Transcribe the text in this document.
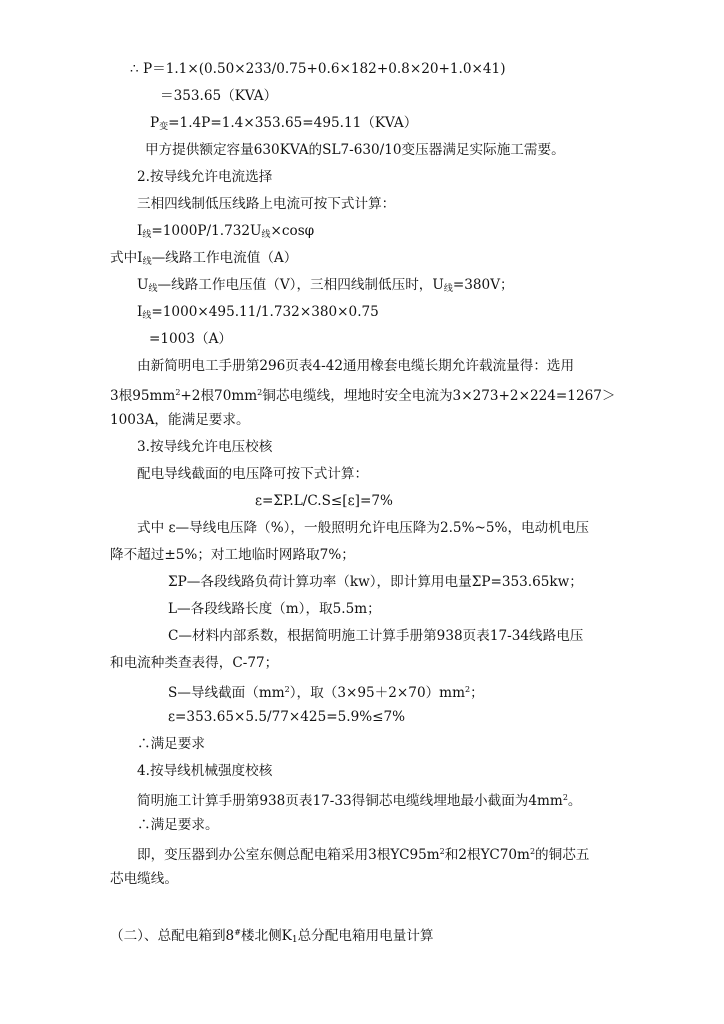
∴ P＝1.1×(0.50×233/0.75+0.6×182+0.8×20+1.0×41)
＝353.65（KVA）
P变=1.4P=1.4×353.65=495.11（KVA）
甲方提供额定容量630KVA的SL7-630/10变压器满足实际施工需要。
2.按导线允许电流选择
三相四线制低压线路上电流可按下式计算：
I线=1000P/1.732U线×cosφ
式中I线—线路工作电流值（A）
U线—线路工作电压值（V），三相四线制低压时，U线=380V；
I线=1000×495.11/1.732×380×0.75
=1003（A）
由新简明电工手册第296页表4-42通用橡套电缆长期允许载流量得：选用
3根$95mm^2+2$根$70mm^2$铜芯电缆线，埋地时安全电流为3×273+2×224=1267＞
1003A，能满足要求。
3.按导线允许电压校核
配电导线截面的电压降可按下式计算：
ε=ΣP.L/C.S≤[ε]=7%
式中 ε—导线电压降（%），一般照明允许电压降为2.5%~5%，电动机电压
降不超过±5%；对工地临时网路取7%；
ΣP—各段线路负荷计算功率（kw），即计算用电量ΣP=353.65kw；
L—各段线路长度（m），取5.5m；
C—材料内部系数，根据简明施工计算手册第938页表17-34线路电压
和电流种类查表得，C-77；
S—导线截面$(mm^2)$，取$(3\times 95+2\times 70)mm^2$；
ε=353.65×5.5/77×425=5.9%≤7%
∴满足要求
4.按导线机械强度校核
简明施工计算手册第938页表17-33得铜芯电缆线埋地最小截面为$4mm^2$。
∴满足要求。
即，变压器到办公室东侧总配电箱采用3根$YC95m^2$和2根$YC70m^2$的铜芯五
芯电缆线。
（二）、总配电箱到8#楼北侧K1总分配电箱用电量计算
